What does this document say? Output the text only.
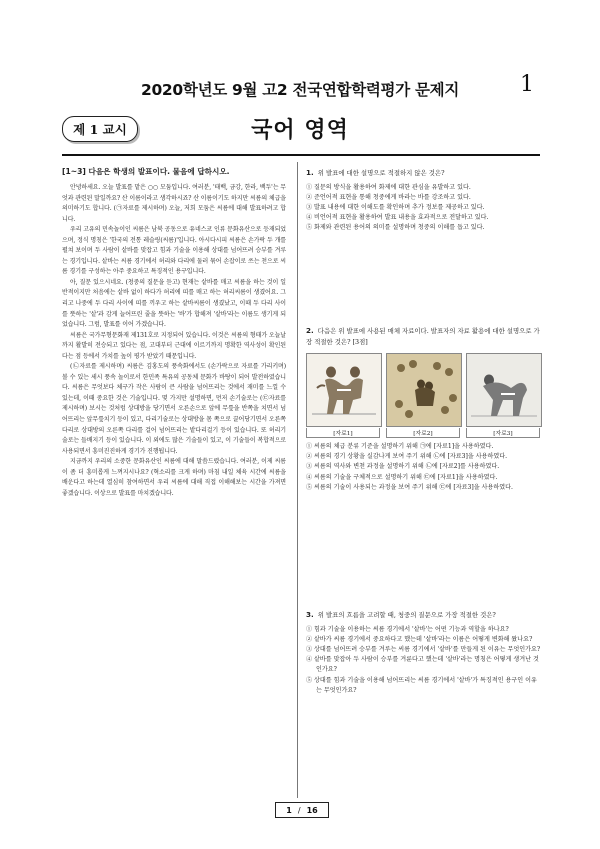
2020학년도 9월 고2 전국연합학력평가 문제지	1
제 1 교시	국어 영역
[1~3] 다음은 학생의 발표이다. 물음에 답하시오.

안녕하세요. 오늘 발표를 맡은 ○○ 모둠입니다. 여러분, '태백, 금강, 한라, 백두'는 무엇과 관련된 말일까요? 산 이름이라고 생각하시죠? 산 이름이기도 하지만 씨름의 체급을 의미하기도 합니다. (㉠자료를 제시하며) 오늘, 저희 모둠은 씨름에 대해 발표하려고 합니다.

우리 고유의 민속놀이인 씨름은 남북 공동으로 유네스코 인류 문화유산으로 등재되었으며, 정식 명칭은 '한국의 전통 레슬링(씨름)'입니다. 아시다시피 씨름은 손가락 두 개를 펼쳐 보이며 두 사람이 샅바를 맞잡고 힘과 기술을 이용해 상대를 넘어뜨려 승부를 겨루는 경기입니다. 샅바는 씨름 경기에서 허리와 다리에 둘러 묶어 손잡이로 쓰는 천으로 씨름 경기를 구성하는 아주 중요하고 특징적인 용구입니다.

아, 질문 있으시네요. (청중의 질문을 듣고) 현재는 샅바를 매고 씨름을 하는 것이 일반적이지만 처음에는 샅바 없이 하다가 허리에 띠를 매고 하는 허리씨름이 생겼어요. 그리고 나중에 두 다리 사이에 띠를 끼우고 하는 샅바씨름이 생겼났고, 이때 두 다리 사이를 뜻하는 '샅'과 감게 늘어뜨린 줄을 뜻하는 '바'가 합해져 '샅바'라는 이름도 생기게 되었습니다. 그럼, 발표를 이어 가겠습니다.

씨름은 국가무형문화재 제131호로 지정되어 있습니다. 이것은 씨름의 형태가 오늘날까지 활발히 전승되고 있다는 점, 고대부터 근대에 이르기까지 명확한 역사성이 확인된다는 점 등에서 가치를 높이 평가 받았기 때문입니다.

(㉡자료를 제시하며) 씨름은 김홍도의 풍속화에서도 (손가락으로 자료를 가리키며) 볼 수 있는 세시 풍속 놀이로서 한민족 특유의 공동체 문화가 바탕이 되어 발전하였습니다. 씨름은 무엇보다 체구가 작은 사람이 큰 사람을 넘어뜨리는 것에서 재미를 느낄 수 있는데, 이때 중요한 것은 기술입니다. 몇 가지만 설명하면, 먼저 손기술로는 (㉢자료를 제시하며) 보시는 것처럼 상대방을 당기면서 오른손으로 앞에 무릎을 반쪽을 치면서 넘어뜨리는 앞무릎치기 등이 있고, 다리기술로는 상대방을 몸 쪽으로 끌어당기면서 오른쪽 다리로 상대방의 오른쪽 다리를 걸어 넘어뜨리는 밭다리걸기 등이 있습니다. 또 허리기술로는 들배지기 등이 있습니다. 이 외에도 많은 기술들이 있고, 이 기술들이 복합적으로 사용되면서 흥미진진하게 경기가 진행됩니다.

지금까지 우리의 소중한 문화유산인 씨름에 대해 말씀드렸습니다. 여러분, 이제 씨름이 좀 더 흥미롭게 느껴지시나요? (혁소리를 크게 하며) 마침 내일 체육 시간에 씨름을 배운다고 하는데 열심히 참여하면서 우리 씨름에 대해 직접 이해해보는 시간을 가져면 좋겠습니다. 이상으로 발표를 마치겠습니다.

1. 위 발표에 대한 설명으로 적절하지 않은 것은?

① 질문의 방식을 활용하여 화제에 대한 관심을 유발하고 있다.
② 준언어적 표현을 통해 청중에게 바라는 바를 강조하고 있다.
③ 발표 내용에 대한 이해도를 확인하며 추가 정보를 제공하고 있다.
④ 비언어적 표현을 활용하여 발표 내용을 효과적으로 전달하고 있다.
⑤ 화제와 관련된 용어의 의미를 설명하며 청중의 이해를 돕고 있다.

2. 다음은 위 발표에 사용된 매체 자료이다. 발표자의 자료 활용에 대한 설명으로 가장 적절한 것은? [3점]

[자료1]	[자료2]	[자료3]
① 씨름의 체급 분류 기준을 설명하기 위해 ㉠에 [자료1]을 사용하였다.
② 씨름의 경기 상황을 실감나게 보여 주기 위해 ㉡에 [자료3]을 사용하였다.
③ 씨름의 역사와 변천 과정을 설명하기 위해 ㉡에 [자료2]를 사용하였다.
④ 씨름의 기술을 구체적으로 설명하기 위해 ㉢에 [자료1]을 사용하였다.
⑤ 씨름의 기술이 사용되는 과정을 보여 주기 위해 ㉢에 [자료3]을 사용하였다.

3. 위 발표의 흐름을 고려할 때, 청중의 질문으로 가장 적절한 것은?

① 힘과 기술을 이용하는 씨름 경기에서 '샅바'는 어떤 기능과 역할을 하나요?
② 샅바가 씨름 경기에서 중요하다고 했는데 '샅바'라는 이름은 어떻게 변화해 왔나요?
③ 상대를 넘어뜨려 승부를 겨루는 씨름 경기에서 '샅바'를 만들게 된 이유는 무엇인가요?
④ 샅바를 맞잡아 두 사람이 승부를 겨룬다고 했는데 '샅바'라는 명칭은 어떻게 생겨난 것인가요?
⑤ 상대를 힘과 기술을 이용해 넘어뜨리는 씨름 경기에서 '샅바'가 특징적인 용구인 이유는 무엇인가요?
1 / 16
